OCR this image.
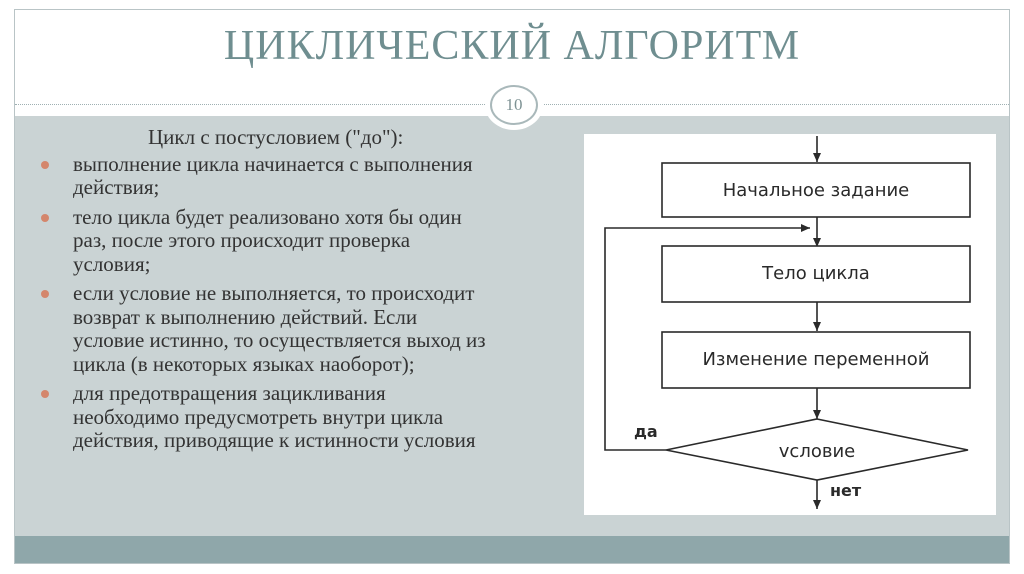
ЦИКЛИЧЕСКИЙ АЛГОРИТМ
10
Цикл с постусловием ("до"):
выполнение цикла начинается с выполнения
действия;
тело цикла будет реализовано хотя бы один
раз, после этого происходит проверка
условия;
если условие не выполняется, то происходит
возврат к выполнению действий. Если
условие истинно, то осуществляется выход из
цикла (в некоторых языках наоборот);
для предотвращения зацикливания
необходимо предусмотреть внутри цикла
действия, приводящие к истинности условия
Начальное задание
Тело цикла
Изменение переменной
vсловие
да
нет
